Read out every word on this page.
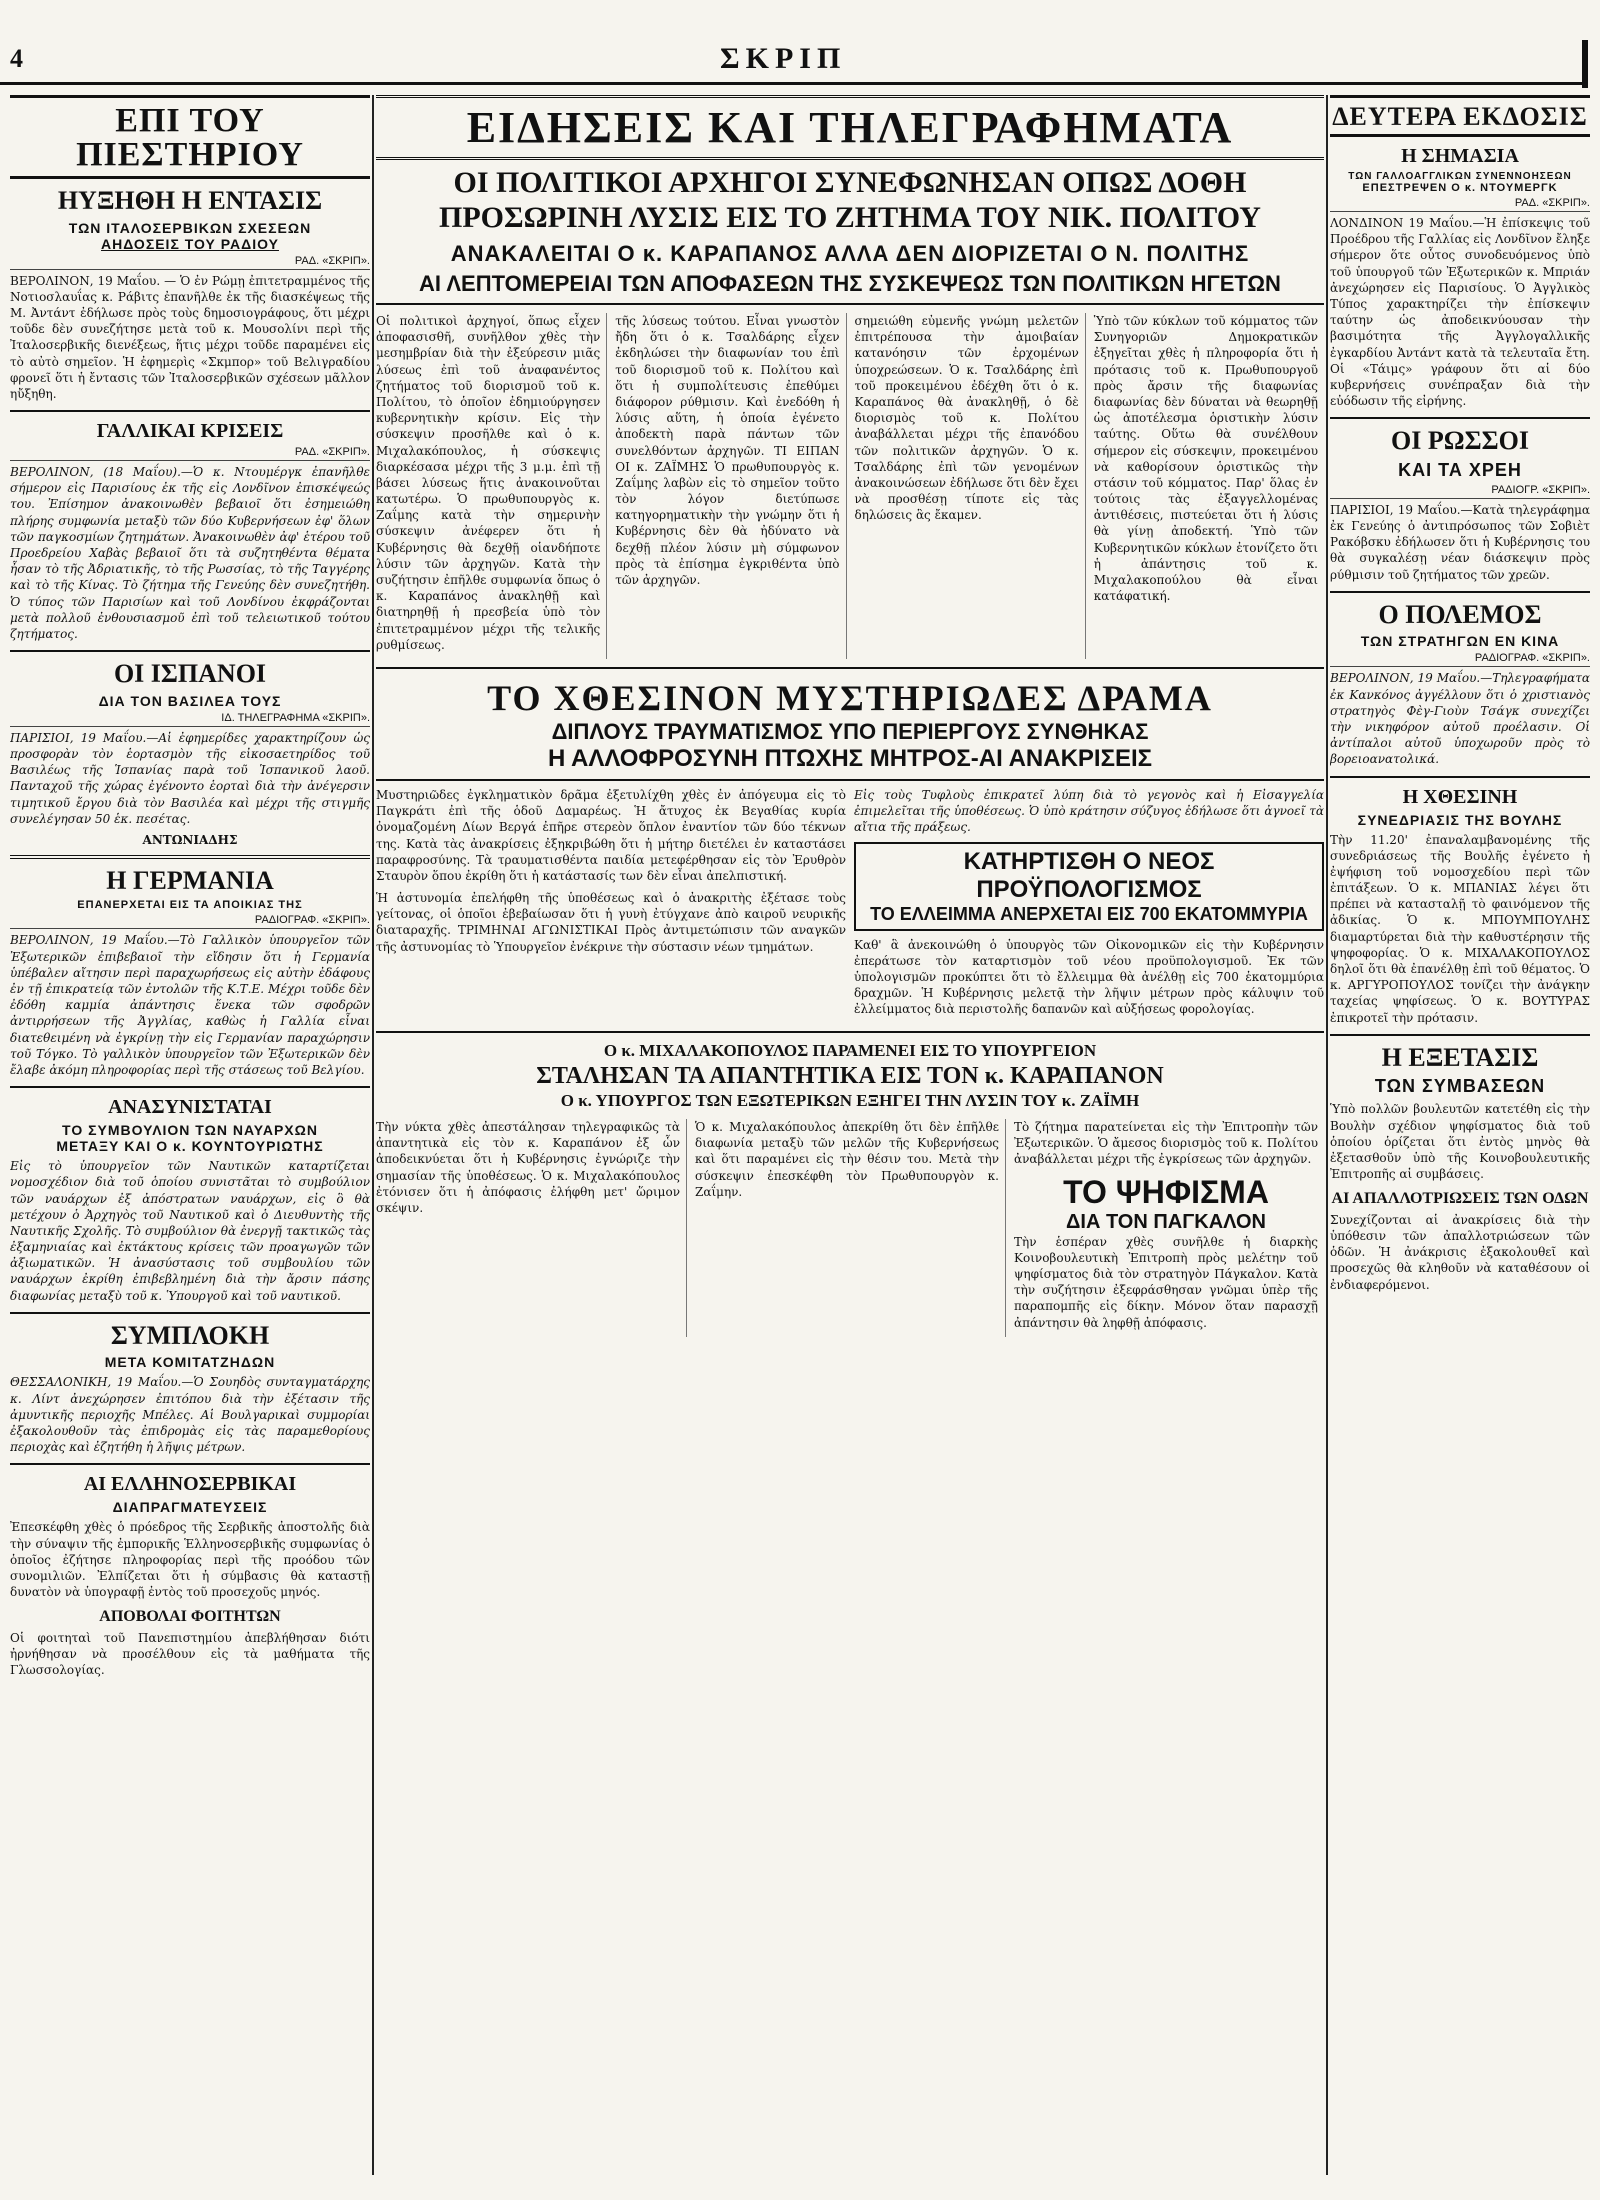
4	ΣΚΡΙΠ
ΕΠΙ ΤΟΥ ΠΙΕΣΤΗΡΙΟΥ
ΗΥΞΗΘΗ Η ΕΝΤΑΣΙΣ
ΤΩΝ ΙΤΑΛΟΣΕΡΒΙΚΩΝ ΣΧΕΣΕΩΝ
ΑΗΔΟΣΕΙΣ ΤΟΥ ΡΑΔΙΟΥ
ΡΑΔ. «ΣΚΡΙΠ».
ΒΕΡΟΛΙΝΟΝ, 19 Μαΐου. — Ὁ ἐν Ρώμῃ ἐπιτετραμμένος τῆς Νοτιοσλαυΐας κ. Ράβιτς ἐπανῆλθε ἐκ τῆς διασκέψεως τῆς Μ. Ἀντάντ ἐδήλωσε πρὸς τοὺς δημοσιογράφους, ὅτι μέχρι τοῦδε δὲν συνεζήτησε μετὰ τοῦ κ. Μουσολίνι περὶ τῆς Ἰταλοσερβικῆς διενέξεως, ἥτις μέχρι τοῦδε παραμένει εἰς τὸ αὐτὸ σημεῖον. Ἡ ἐφημερὶς «Σκμπορ» τοῦ Βελιγραδίου φρονεῖ ὅτι ἡ ἔντασις τῶν Ἰταλοσερβικῶν σχέσεων μᾶλλον ηὔξηθη.
ΓΑΛΛΙΚΑΙ ΚΡΙΣΕΙΣ
ΡΑΔ. «ΣΚΡΙΠ».
ΒΕΡΟΛΙΝΟΝ, (18 Μαΐου).—Ὁ κ. Ντουμέργκ ἐπανῆλθε σήμερον εἰς Παρισίους ἐκ τῆς εἰς Λονδῖνον ἐπισκέψεώς του. Ἐπίσημον ἀνακοινωθὲν βεβαιοῖ ὅτι ἐσημειώθη πλήρης συμφωνία μεταξὺ τῶν δύο Κυβερνήσεων ἐφ' ὅλων τῶν παγκοσμίων ζητημάτων. Ἀνακοινωθὲν ἀφ' ἑτέρου τοῦ Προεδρείου Χαβὰς βεβαιοῖ ὅτι τὰ συζητηθέντα θέματα ἦσαν τὸ τῆς Ἀδριατικῆς, τὸ τῆς Ρωσσίας, τὸ τῆς Ταγγέρης καὶ τὸ τῆς Κίνας. Τὸ ζήτημα τῆς Γενεύης δὲν συνεζητήθη. Ὁ τύπος τῶν Παρισίων καὶ τοῦ Λονδίνου ἐκφράζονται μετὰ πολλοῦ ἐνθουσιασμοῦ ἐπὶ τοῦ τελειωτικοῦ τούτου ζητήματος.
ΟΙ ΙΣΠΑΝΟΙ
ΔΙΑ ΤΟΝ ΒΑΣΙΛΕΑ ΤΟΥΣ
ΙΔ. ΤΗΛΕΓΡΑΦΗΜΑ «ΣΚΡΙΠ».
ΠΑΡΙΣΙΟΙ, 19 Μαΐου.—Αἱ ἐφημερίδες χαρακτηρίζουν ὡς προσφορὰν τὸν ἑορτασμὸν τῆς εἰκοσαετηρίδος τοῦ Βασιλέως τῆς Ἱσπανίας παρὰ τοῦ Ἱσπανικοῦ λαοῦ. Πανταχοῦ τῆς χώρας ἐγένοντο ἑορταὶ διὰ τὴν ἀνέγερσιν τιμητικοῦ ἔργου διὰ τὸν Βασιλέα καὶ μέχρι τῆς στιγμῆς συνελέγησαν 50 ἑκ. πεσέτας.
ΑΝΤΩΝΙΑΔΗΣ
Η ΓΕΡΜΑΝΙΑ
ΕΠΑΝΕΡΧΕΤΑΙ ΕΙΣ ΤΑ ΑΠΟΙΚΙΑΣ ΤΗΣ
ΡΑΔΙΟΓΡΑΦ. «ΣΚΡΙΠ».
ΒΕΡΟΛΙΝΟΝ, 19 Μαΐου.—Τὸ Γαλλικὸν ὑπουργεῖον τῶν Ἐξωτερικῶν ἐπιβεβαιοῖ τὴν εἴδησιν ὅτι ἡ Γερμανία ὑπέβαλεν αἴτησιν περὶ παραχωρήσεως εἰς αὐτὴν ἐδάφους ἐν τῇ ἐπικρατείᾳ τῶν ἐντολῶν τῆς Κ.Τ.Ε. Μέχρι τοῦδε δὲν ἐδόθη καμμία ἀπάντησις ἕνεκα τῶν σφοδρῶν ἀντιρρήσεων τῆς Ἀγγλίας, καθὼς ἡ Γαλλία εἶναι διατεθειμένη νὰ ἐγκρίνῃ τὴν εἰς Γερμανίαν παραχώρησιν τοῦ Τόγκο. Τὸ γαλλικὸν ὑπουργεῖον τῶν Ἐξωτερικῶν δὲν ἔλαβε ἀκόμη πληροφορίας περὶ τῆς στάσεως τοῦ Βελγίου.
ΑΝΑΣΥΝΙΣΤΑΤΑΙ
ΤΟ ΣΥΜΒΟΥΛΙΟΝ ΤΩΝ ΝΑΥΑΡΧΩΝ
ΜΕΤΑΞΥ ΚΑΙ Ο κ. ΚΟΥΝΤΟΥΡΙΩΤΗΣ
Εἰς τὸ ὑπουργεῖον τῶν Ναυτικῶν καταρτίζεται νομοσχέδιον διὰ τοῦ ὁποίου συνιστᾶται τὸ συμβούλιον τῶν ναυάρχων ἐξ ἀπόστρατων ναυάρχων, εἰς ὃ θὰ μετέχουν ὁ Ἀρχηγὸς τοῦ Ναυτικοῦ καὶ ὁ Διευθυντὴς τῆς Ναυτικῆς Σχολῆς. Τὸ συμβούλιον θὰ ἐνεργῇ τακτικῶς τὰς ἐξαμηνιαίας καὶ ἐκτάκτους κρίσεις τῶν προαγωγῶν τῶν ἀξιωματικῶν. Ἡ ἀνασύστασις τοῦ συμβουλίου τῶν ναυάρχων ἐκρίθη ἐπιβεβλημένη διὰ τὴν ἄρσιν πάσης διαφωνίας μεταξὺ τοῦ κ. Ὑπουργοῦ καὶ τοῦ ναυτικοῦ.
ΣΥΜΠΛΟΚΗ
ΜΕΤΑ ΚΟΜΙΤΑΤΖΗΔΩΝ
ΘΕΣΣΑΛΟΝΙΚΗ, 19 Μαΐου.—Ὁ Σουηδὸς συνταγματάρχης κ. Λίντ ἀνεχώρησεν ἐπιτόπου διὰ τὴν ἐξέτασιν τῆς ἀμυντικῆς περιοχῆς Μπέλες. Αἱ Βουλγαρικαὶ συμμορίαι ἐξακολουθοῦν τὰς ἐπιδρομὰς εἰς τὰς παραμεθορίους περιοχὰς καὶ ἐζητήθη ἡ λῆψις μέτρων.
ΑΙ ΕΛΛΗΝΟΣΕΡΒΙΚΑΙ
ΔΙΑΠΡΑΓΜΑΤΕΥΣΕΙΣ
Ἐπεσκέφθη χθὲς ὁ πρόεδρος τῆς Σερβικῆς ἀποστολῆς διὰ τὴν σύναψιν τῆς ἐμπορικῆς Ἑλληνοσερβικῆς συμφωνίας ὁ ὁποῖος ἐζήτησε πληροφορίας περὶ τῆς προόδου τῶν συνομιλιῶν. Ἐλπίζεται ὅτι ἡ σύμβασις θὰ καταστῇ δυνατὸν νὰ ὑπογραφῇ ἐντὸς τοῦ προσεχοῦς μηνός.
ΑΠΟΒΟΛΑΙ ΦΟΙΤΗΤΩΝ
Οἱ φοιτηταὶ τοῦ Πανεπιστημίου ἀπεβλήθησαν διότι ἠρνήθησαν νὰ προσέλθουν εἰς τὰ μαθήματα τῆς Γλωσσολογίας.
ΕΙΔΗΣΕΙΣ ΚΑΙ ΤΗΛΕΓΡΑΦΗΜΑΤΑ
ΟΙ ΠΟΛΙΤΙΚΟΙ ΑΡΧΗΓΟΙ ΣΥΝΕΦΩΝΗΣΑΝ ΟΠΩΣ ΔΟΘΗ ΠΡΟΣΩΡΙΝΗ ΛΥΣΙΣ ΕΙΣ ΤΟ ΖΗΤΗΜΑ ΤΟΥ ΝΙΚ. ΠΟΛΙΤΟΥ
ΑΝΑΚΑΛΕΙΤΑΙ Ο κ. ΚΑΡΑΠΑΝΟΣ ΑΛΛΑ ΔΕΝ ΔΙΟΡΙΖΕΤΑΙ Ο Ν. ΠΟΛΙΤΗΣ
ΑΙ ΛΕΠΤΟΜΕΡΕΙΑΙ ΤΩΝ ΑΠΟΦΑΣΕΩΝ ΤΗΣ ΣΥΣΚΕΨΕΩΣ ΤΩΝ ΠΟΛΙΤΙΚΩΝ ΗΓΕΤΩΝ
Οἱ πολιτικοὶ ἀρχηγοί, ὅπως εἶχεν ἀποφασισθῆ, συνῆλθον χθὲς τὴν μεσημβρίαν διὰ τὴν ἐξεύρεσιν μιᾶς λύσεως ἐπὶ τοῦ ἀναφανέντος ζητήματος τοῦ διορισμοῦ τοῦ κ. Πολίτου, τὸ ὁποῖον ἐδημιούργησεν κυβερνητικὴν κρίσιν. Εἰς τὴν σύσκεψιν προσῆλθε καὶ ὁ κ. Μιχαλακόπουλος, ἡ σύσκεψις διαρκέσασα μέχρι τῆς 3 μ.μ. ἐπὶ τῇ βάσει λύσεως ἥτις ἀνακοινοῦται κατωτέρω. Ὁ πρωθυπουργὸς κ. Ζαΐμης κατὰ τὴν σημερινὴν σύσκεψιν ἀνέφερεν ὅτι ἡ Κυβέρνησις θὰ δεχθῇ οἱανδήποτε λύσιν τῶν ἀρχηγῶν. Κατὰ τὴν συζήτησιν ἐπῆλθε συμφωνία ὅπως ὁ κ. Καραπάνος ἀνακληθῇ καὶ διατηρηθῇ ἡ πρεσβεία ὑπὸ τὸν ἐπιτετραμμένον μέχρι τῆς τελικῆς ρυθμίσεως.
τῆς λύσεως τούτου. Εἶναι γνωστὸν ἤδη ὅτι ὁ κ. Τσαλδάρης εἶχεν ἐκδηλώσει τὴν διαφωνίαν του ἐπὶ τοῦ διορισμοῦ τοῦ κ. Πολίτου καὶ ὅτι ἡ συμπολίτευσις ἐπεθύμει διάφορον ρύθμισιν. Καὶ ἐνεδόθη ἡ λύσις αὕτη, ἡ ὁποία ἐγένετο ἀποδεκτὴ παρὰ πάντων τῶν συνελθόντων ἀρχηγῶν. ΤΙ ΕΙΠΑΝ ΟΙ κ. ΖΑΪΜΗΣ Ὁ πρωθυπουργὸς κ. Ζαΐμης λαβὼν εἰς τὸ σημεῖον τοῦτο τὸν λόγον διετύπωσε κατηγορηματικὴν τὴν γνώμην ὅτι ἡ Κυβέρνησις δὲν θὰ ἠδύνατο νὰ δεχθῇ πλέον λύσιν μὴ σύμφωνον πρὸς τὰ ἐπίσημα ἐγκριθέντα ὑπὸ τῶν ἀρχηγῶν.
σημειώθη εὐμενῆς γνώμη μελετῶν ἐπιτρέπουσα τὴν ἀμοιβαίαν κατανόησιν τῶν ἐρχομένων ὑποχρεώσεων. Ὁ κ. Τσαλδάρης ἐπὶ τοῦ προκειμένου ἐδέχθη ὅτι ὁ κ. Καραπάνος θὰ ἀνακληθῇ, ὁ δὲ διορισμὸς τοῦ κ. Πολίτου ἀναβάλλεται μέχρι τῆς ἐπανόδου τῶν πολιτικῶν ἀρχηγῶν. Ὁ κ. Τσαλδάρης ἐπὶ τῶν γενομένων ἀνακοινώσεων ἐδήλωσε ὅτι δὲν ἔχει νὰ προσθέσῃ τίποτε εἰς τὰς δηλώσεις ἃς ἔκαμεν.
Ὑπὸ τῶν κύκλων τοῦ κόμματος τῶν Συνηγοριῶν Δημοκρατικῶν ἐξηγεῖται χθὲς ἡ πληροφορία ὅτι ἡ πρότασις τοῦ κ. Πρωθυπουργοῦ πρὸς ἄρσιν τῆς διαφωνίας διαφωνίας δὲν δύναται νὰ θεωρηθῇ ὡς ἀποτέλεσμα ὁριστικὴν λύσιν ταύτης. Οὕτω θὰ συνέλθουν σήμερον εἰς σύσκεψιν, προκειμένου νὰ καθορίσουν ὁριστικῶς τὴν στάσιν τοῦ κόμματος. Παρ' ὅλας ἐν τούτοις τὰς ἐξαγγελλομένας ἀντιθέσεις, πιστεύεται ὅτι ἡ λύσις θὰ γίνῃ ἀποδεκτή. Ὑπὸ τῶν Κυβερνητικῶν κύκλων ἐτονίζετο ὅτι ἡ ἀπάντησις τοῦ κ. Μιχαλακοπούλου θὰ εἶναι κατάφατική.
ΤΟ ΧΘΕΣΙΝΟΝ ΜΥΣΤΗΡΙΩΔΕΣ ΔΡΑΜΑ
ΔΙΠΛΟΥΣ ΤΡΑΥΜΑΤΙΣΜΟΣ ΥΠΟ ΠΕΡΙΕΡΓΟΥΣ ΣΥΝΘΗΚΑΣ
Η ΑΛΛΟΦΡΟΣΥΝΗ ΠΤΩΧΗΣ ΜΗΤΡΟΣ-ΑΙ ΑΝΑΚΡΙΣΕΙΣ
Μυστηριῶδες ἐγκληματικὸν δρᾶμα ἐξετυλίχθη χθὲς ἐν ἀπόγευμα εἰς τὸ Παγκράτι ἐπὶ τῆς ὁδοῦ Δαμαρέως. Ἡ ἄτυχος ἐκ Βεγαθίας κυρία ὀνομαζομένη Δίων Βεργά ἐπῆρε στερεὸν ὅπλον ἐναντίον τῶν δύο τέκνων της. Κατὰ τὰς ἀνακρίσεις ἐξηκριβώθη ὅτι ἡ μήτηρ διετέλει ἐν καταστάσει παραφροσύνης. Τὰ τραυματισθέντα παιδία μετεφέρθησαν εἰς τὸν Ἐρυθρὸν Σταυρὸν ὅπου ἐκρίθη ὅτι ἡ κατάστασίς των δὲν εἶναι ἀπελπιστική.
Ἡ ἀστυνομία ἐπελήφθη τῆς ὑποθέσεως καὶ ὁ ἀνακριτὴς ἐξέτασε τοὺς γείτονας, οἱ ὁποῖοι ἐβεβαίωσαν ὅτι ἡ γυνὴ ἐτύγχανε ἀπὸ καιροῦ νευρικῆς διαταραχῆς. ΤΡΙΜΗΝΑΙ ΑΓΩΝΙΣΤΙΚΑΙ Πρὸς ἀντιμετώπισιν τῶν αναγκῶν τῆς ἀστυνομίας τὸ Ὑπουργεῖον ἐνέκρινε τὴν σύστασιν νέων τμημάτων.
Εἰς τοὺς Τυφλοὺς ἐπικρατεῖ λύπη διὰ τὸ γεγονὸς καὶ ἡ Εἰσαγγελία ἐπιμελεῖται τῆς ὑποθέσεως. Ὁ ὑπὸ κράτησιν σύζυγος ἐδήλωσε ὅτι ἀγνοεῖ τὰ αἴτια τῆς πράξεως.
ΚΑΤΗΡΤΙΣΘΗ Ο ΝΕΟΣ ΠΡΟΫΠΟΛΟΓΙΣΜΟΣ
ΤΟ ΕΛΛΕΙΜΜΑ ΑΝΕΡΧΕΤΑΙ ΕΙΣ 700 ΕΚΑΤΟΜΜΥΡΙΑ
Καθ' ἃ ἀνεκοινώθη ὁ ὑπουργὸς τῶν Οἰκονομικῶν εἰς τὴν Κυβέρνησιν ἐπεράτωσε τὸν καταρτισμὸν τοῦ νέου προϋπολογισμοῦ. Ἐκ τῶν ὑπολογισμῶν προκύπτει ὅτι τὸ ἔλλειμμα θὰ ἀνέλθῃ εἰς 700 ἑκατομμύρια δραχμῶν. Ἡ Κυβέρνησις μελετᾷ τὴν λῆψιν μέτρων πρὸς κάλυψιν τοῦ ἐλλείμματος διὰ περιστολῆς δαπανῶν καὶ αὐξήσεως φορολογίας.
Ο κ. ΜΙΧΑΛΑΚΟΠΟΥΛΟΣ ΠΑΡΑΜΕΝΕΙ ΕΙΣ ΤΟ ΥΠΟΥΡΓΕΙΟΝ
ΣΤΑΛΗΣΑΝ ΤΑ ΑΠΑΝΤΗΤΙΚΑ ΕΙΣ ΤΟΝ κ. ΚΑΡΑΠΑΝΟΝ
Ο κ. ΥΠΟΥΡΓΟΣ ΤΩΝ ΕΞΩΤΕΡΙΚΩΝ ΕΞΗΓΕΙ ΤΗΝ ΛΥΣΙΝ ΤΟΥ κ. ΖΑΪΜΗ
Τὴν νύκτα χθὲς ἀπεστάλησαν τηλεγραφικῶς τὰ ἀπαντητικὰ εἰς τὸν κ. Καραπάνον ἐξ ὧν ἀποδεικνύεται ὅτι ἡ Κυβέρνησις ἐγνώριζε τὴν σημασίαν τῆς ὑποθέσεως. Ὁ κ. Μιχαλακόπουλος ἐτόνισεν ὅτι ἡ ἀπόφασις ἐλήφθη μετ' ὥριμον σκέψιν.
Ὁ κ. Μιχαλακόπουλος ἀπεκρίθη ὅτι δὲν ἐπῆλθε διαφωνία μεταξὺ τῶν μελῶν τῆς Κυβερνήσεως καὶ ὅτι παραμένει εἰς τὴν θέσιν του. Μετὰ τὴν σύσκεψιν ἐπεσκέφθη τὸν Πρωθυπουργὸν κ. Ζαΐμην.
Τὸ ζήτημα παρατείνεται εἰς τὴν Ἐπιτροπὴν τῶν Ἐξωτερικῶν. Ὁ ἄμεσος διορισμὸς τοῦ κ. Πολίτου ἀναβάλλεται μέχρι τῆς ἐγκρίσεως τῶν ἀρχηγῶν.
ΤΟ ΨΗΦΙΣΜΑ
ΔΙΑ ΤΟΝ ΠΑΓΚΑΛΟΝ
Τὴν ἑσπέραν χθὲς συνῆλθε ἡ διαρκὴς Κοινοβουλευτικὴ Ἐπιτροπὴ πρὸς μελέτην τοῦ ψηφίσματος διὰ τὸν στρατηγὸν Πάγκαλον. Κατὰ τὴν συζήτησιν ἐξεφράσθησαν γνῶμαι ὑπὲρ τῆς παραπομπῆς εἰς δίκην. Μόνον ὅταν παρασχῇ ἀπάντησιν θὰ ληφθῇ ἀπόφασις.
ΔΕΥΤΕΡΑ ΕΚΔΟΣΙΣ
Η ΣΗΜΑΣΙΑ
ΤΩΝ ΓΑΛΛΟΑΓΓΛΙΚΩΝ ΣΥΝΕΝΝΟΗΣΕΩΝ
ΕΠΕΣΤΡΕΨΕΝ Ο κ. ΝΤΟΥΜΕΡΓΚ
ΡΑΔ. «ΣΚΡΙΠ».
ΛΟΝΔΙΝΟΝ 19 Μαΐου.—Ἡ ἐπίσκεψις τοῦ Προέδρου τῆς Γαλλίας εἰς Λονδῖνον ἔληξε σήμερον ὅτε οὗτος συνοδευόμενος ὑπὸ τοῦ ὑπουργοῦ τῶν Ἐξωτερικῶν κ. Μπριάν ἀνεχώρησεν εἰς Παρισίους. Ὁ Ἀγγλικὸς Τύπος χαρακτηρίζει τὴν ἐπίσκεψιν ταύτην ὡς ἀποδεικνύουσαν τὴν βασιμότητα τῆς Ἀγγλογαλλικῆς ἐγκαρδίου Ἀντάντ κατὰ τὰ τελευταῖα ἔτη. Οἱ «Τάιμς» γράφουν ὅτι αἱ δύο κυβερνήσεις συνέπραξαν διὰ τὴν εὐόδωσιν τῆς εἰρήνης.
ΟΙ ΡΩΣΣΟΙ
ΚΑΙ ΤΑ ΧΡΕΗ
ΡΑΔΙΟΓΡ. «ΣΚΡΙΠ».
ΠΑΡΙΣΙΟΙ, 19 Μαΐου.—Κατὰ τηλεγράφημα ἐκ Γενεύης ὁ ἀντιπρόσωπος τῶν Σοβιὲτ Ρακόβσκυ ἐδήλωσεν ὅτι ἡ Κυβέρνησις του θὰ συγκαλέσῃ νέαν διάσκεψιν πρὸς ρύθμισιν τοῦ ζητήματος τῶν χρεῶν.
Ο ΠΟΛΕΜΟΣ
ΤΩΝ ΣΤΡΑΤΗΓΩΝ ΕΝ ΚΙΝΑ
ΡΑΔΙΟΓΡΑΦ. «ΣΚΡΙΠ».
ΒΕΡΟΛΙΝΟΝ, 19 Μαΐου.—Τηλεγραφήματα ἐκ Κανκόνος ἀγγέλλουν ὅτι ὁ χριστιανὸς στρατηγὸς Φὲγ-Γιοὺν Τσάγκ συνεχίζει τὴν νικηφόρον αὐτοῦ προέλασιν. Οἱ ἀντίπαλοι αὐτοῦ ὑποχωροῦν πρὸς τὸ βορειοανατολικά.
Η ΧΘΕΣΙΝΗ
ΣΥΝΕΔΡΙΑΣΙΣ ΤΗΣ ΒΟΥΛΗΣ
Τὴν 11.20' ἐπαναλαμβανομένης τῆς συνεδριάσεως τῆς Βουλῆς ἐγένετο ἡ ἐψήφιση τοῦ νομοσχεδίου περὶ τῶν ἐπιτάξεων. Ὁ κ. ΜΠΑΝΙΑΣ λέγει ὅτι πρέπει νὰ κατασταλῇ τὸ φαινόμενον τῆς ἀδικίας. Ὁ κ. ΜΠΟΥΜΠΟΥΛΗΣ διαμαρτύρεται διὰ τὴν καθυστέρησιν τῆς ψηφοφορίας. Ὁ κ. ΜΙΧΑΛΑΚΟΠΟΥΛΟΣ δηλοῖ ὅτι θὰ ἐπανέλθῃ ἐπὶ τοῦ θέματος. Ὁ κ. ΑΡΓΥΡΟΠΟΥΛΟΣ τονίζει τὴν ἀνάγκην ταχείας ψηφίσεως. Ὁ κ. ΒΟΥΤΥΡΑΣ ἐπικροτεῖ τὴν πρότασιν.
Η ΕΞΕΤΑΣΙΣ
ΤΩΝ ΣΥΜΒΑΣΕΩΝ
Ὑπὸ πολλῶν βουλευτῶν κατετέθη εἰς τὴν Βουλὴν σχέδιον ψηφίσματος διὰ τοῦ ὁποίου ὁρίζεται ὅτι ἐντὸς μηνὸς θὰ ἐξετασθοῦν ὑπὸ τῆς Κοινοβουλευτικῆς Ἐπιτροπῆς αἱ συμβάσεις.
ΑΙ ΑΠΑΛΛΟΤΡΙΩΣΕΙΣ ΤΩΝ ΟΔΩΝ
Συνεχίζονται αἱ ἀνακρίσεις διὰ τὴν ὑπόθεσιν τῶν ἀπαλλοτριώσεων τῶν ὁδῶν. Ἡ ἀνάκρισις ἐξακολουθεῖ καὶ προσεχῶς θὰ κληθοῦν νὰ καταθέσουν οἱ ἐνδιαφερόμενοι.
